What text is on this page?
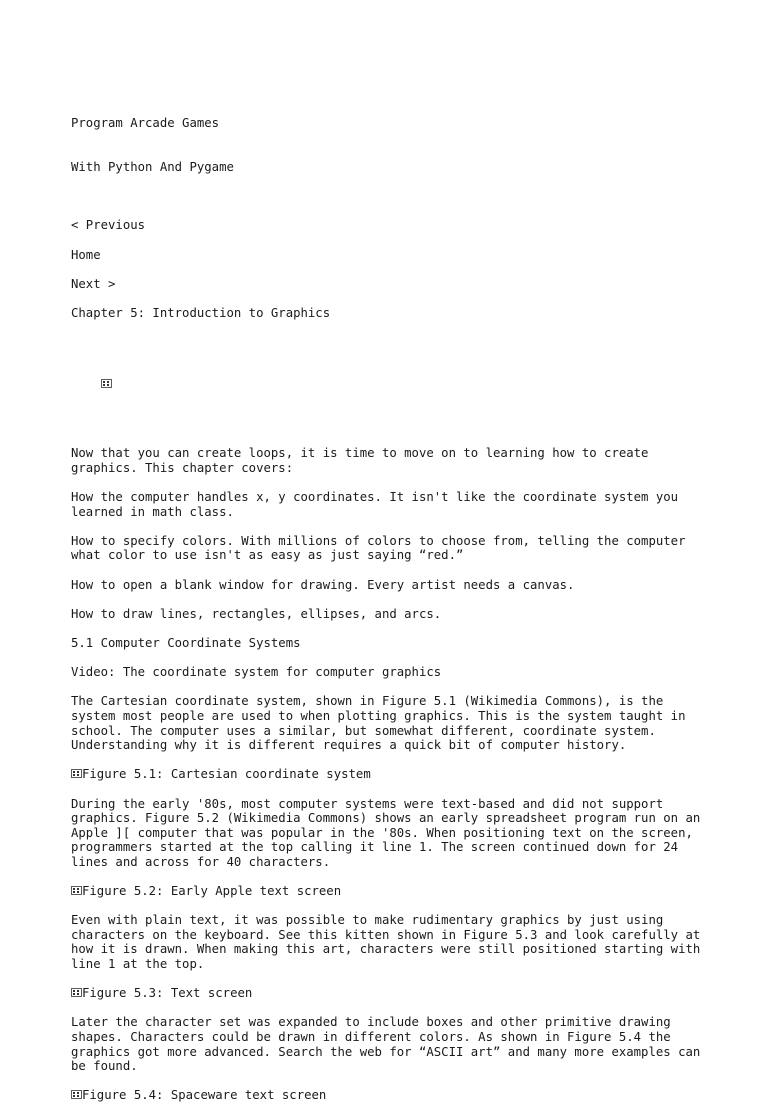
Program Arcade Games

With Python And Pygame

< Previous
Home
Next >
Chapter 5: Introduction to Graphics

Now that you can create loops, it is time to move on to learning how to create graphics. This chapter covers:
How the computer handles x, y coordinates. It isn't like the coordinate system you learned in math class.
How to specify colors. With millions of colors to choose from, telling the computer what color to use isn't as easy as just saying “red.”
How to open a blank window for drawing. Every artist needs a canvas.
How to draw lines, rectangles, ellipses, and arcs.
5.1 Computer Coordinate Systems
Video: The coordinate system for computer graphics
The Cartesian coordinate system, shown in Figure 5.1 (Wikimedia Commons), is the system most people are used to when plotting graphics. This is the system taught in school. The computer uses a similar, but somewhat different, coordinate system. Understanding why it is different requires a quick bit of computer history.
Figure 5.1: Cartesian coordinate system
During the early '80s, most computer systems were text-based and did not support graphics. Figure 5.2 (Wikimedia Commons) shows an early spreadsheet program run on an Apple ][ computer that was popular in the '80s. When positioning text on the screen, programmers started at the top calling it line 1. The screen continued down for 24 lines and across for 40 characters.
Figure 5.2: Early Apple text screen
Even with plain text, it was possible to make rudimentary graphics by just using characters on the keyboard. See this kitten shown in Figure 5.3 and look carefully at how it is drawn. When making this art, characters were still positioned starting with line 1 at the top.
Figure 5.3: Text screen
Later the character set was expanded to include boxes and other primitive drawing shapes. Characters could be drawn in different colors. As shown in Figure 5.4 the graphics got more advanced. Search the web for “ASCII art” and many more examples can be found.
Figure 5.4: Spaceware text screen
